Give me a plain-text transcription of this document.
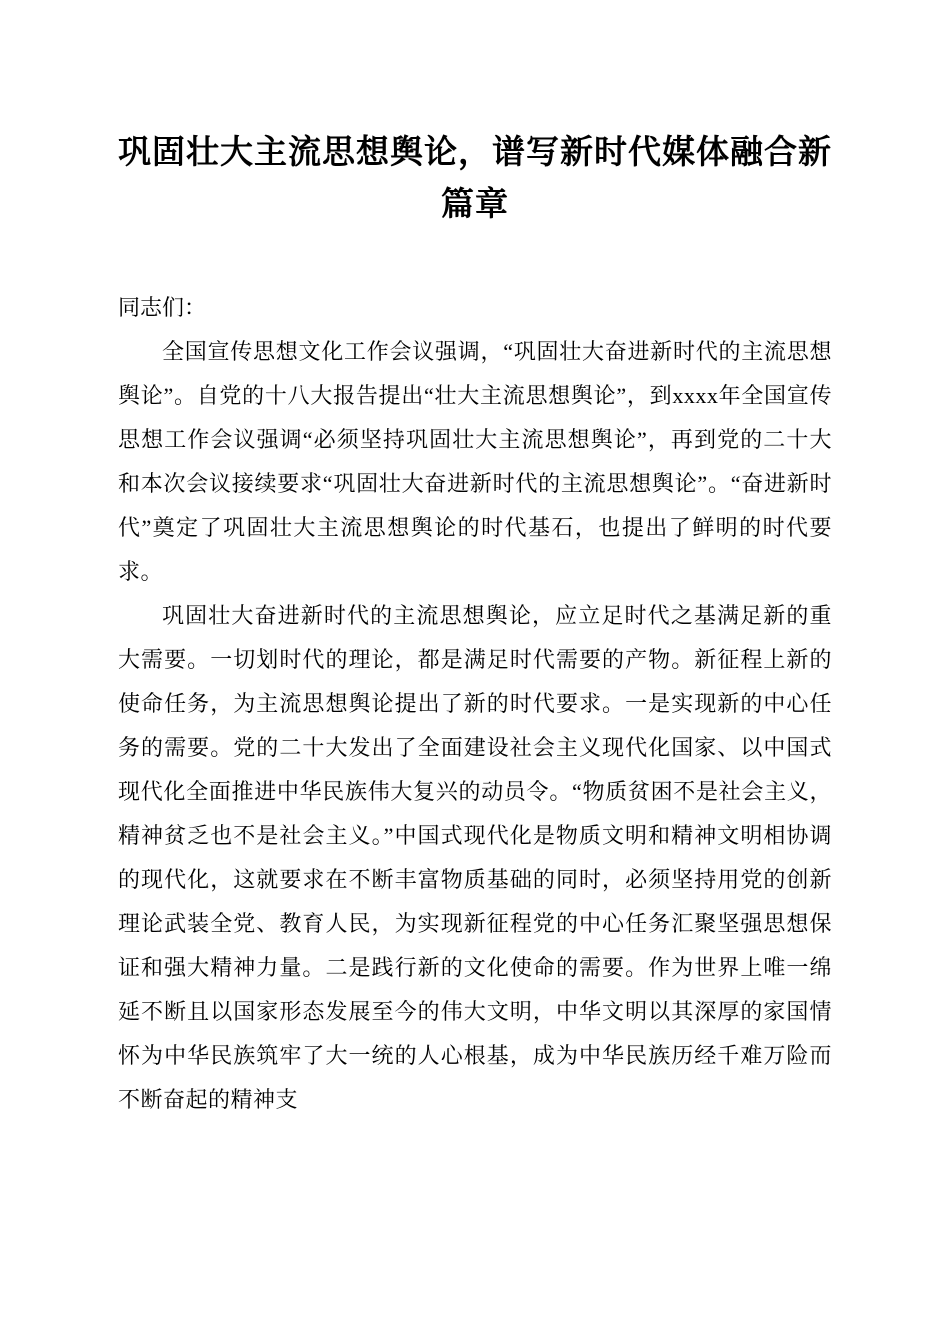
巩固壮大主流思想舆论，谱写新时代媒体融合新篇章

同志们：

全国宣传思想文化工作会议强调，“巩固壮大奋进新时代的主流思想舆论”。自党的十八大报告提出“壮大主流思想舆论”，到xxxx年全国宣传思想工作会议强调“必须坚持巩固壮大主流思想舆论”，再到党的二十大和本次会议接续要求“巩固壮大奋进新时代的主流思想舆论”。“奋进新时代”奠定了巩固壮大主流思想舆论的时代基石，也提出了鲜明的时代要求。

巩固壮大奋进新时代的主流思想舆论，应立足时代之基满足新的重大需要。一切划时代的理论，都是满足时代需要的产物。新征程上新的使命任务，为主流思想舆论提出了新的时代要求。一是实现新的中心任务的需要。党的二十大发出了全面建设社会主义现代化国家、以中国式现代化全面推进中华民族伟大复兴的动员令。“物质贫困不是社会主义，精神贫乏也不是社会主义。”中国式现代化是物质文明和精神文明相协调的现代化，这就要求在不断丰富物质基础的同时，必须坚持用党的创新理论武装全党、教育人民，为实现新征程党的中心任务汇聚坚强思想保证和强大精神力量。二是践行新的文化使命的需要。作为世界上唯一绵延不断且以国家形态发展至今的伟大文明，中华文明以其深厚的家国情怀为中华民族筑牢了大一统的人心根基，成为中华民族历经千难万险而不断奋起的精神支
